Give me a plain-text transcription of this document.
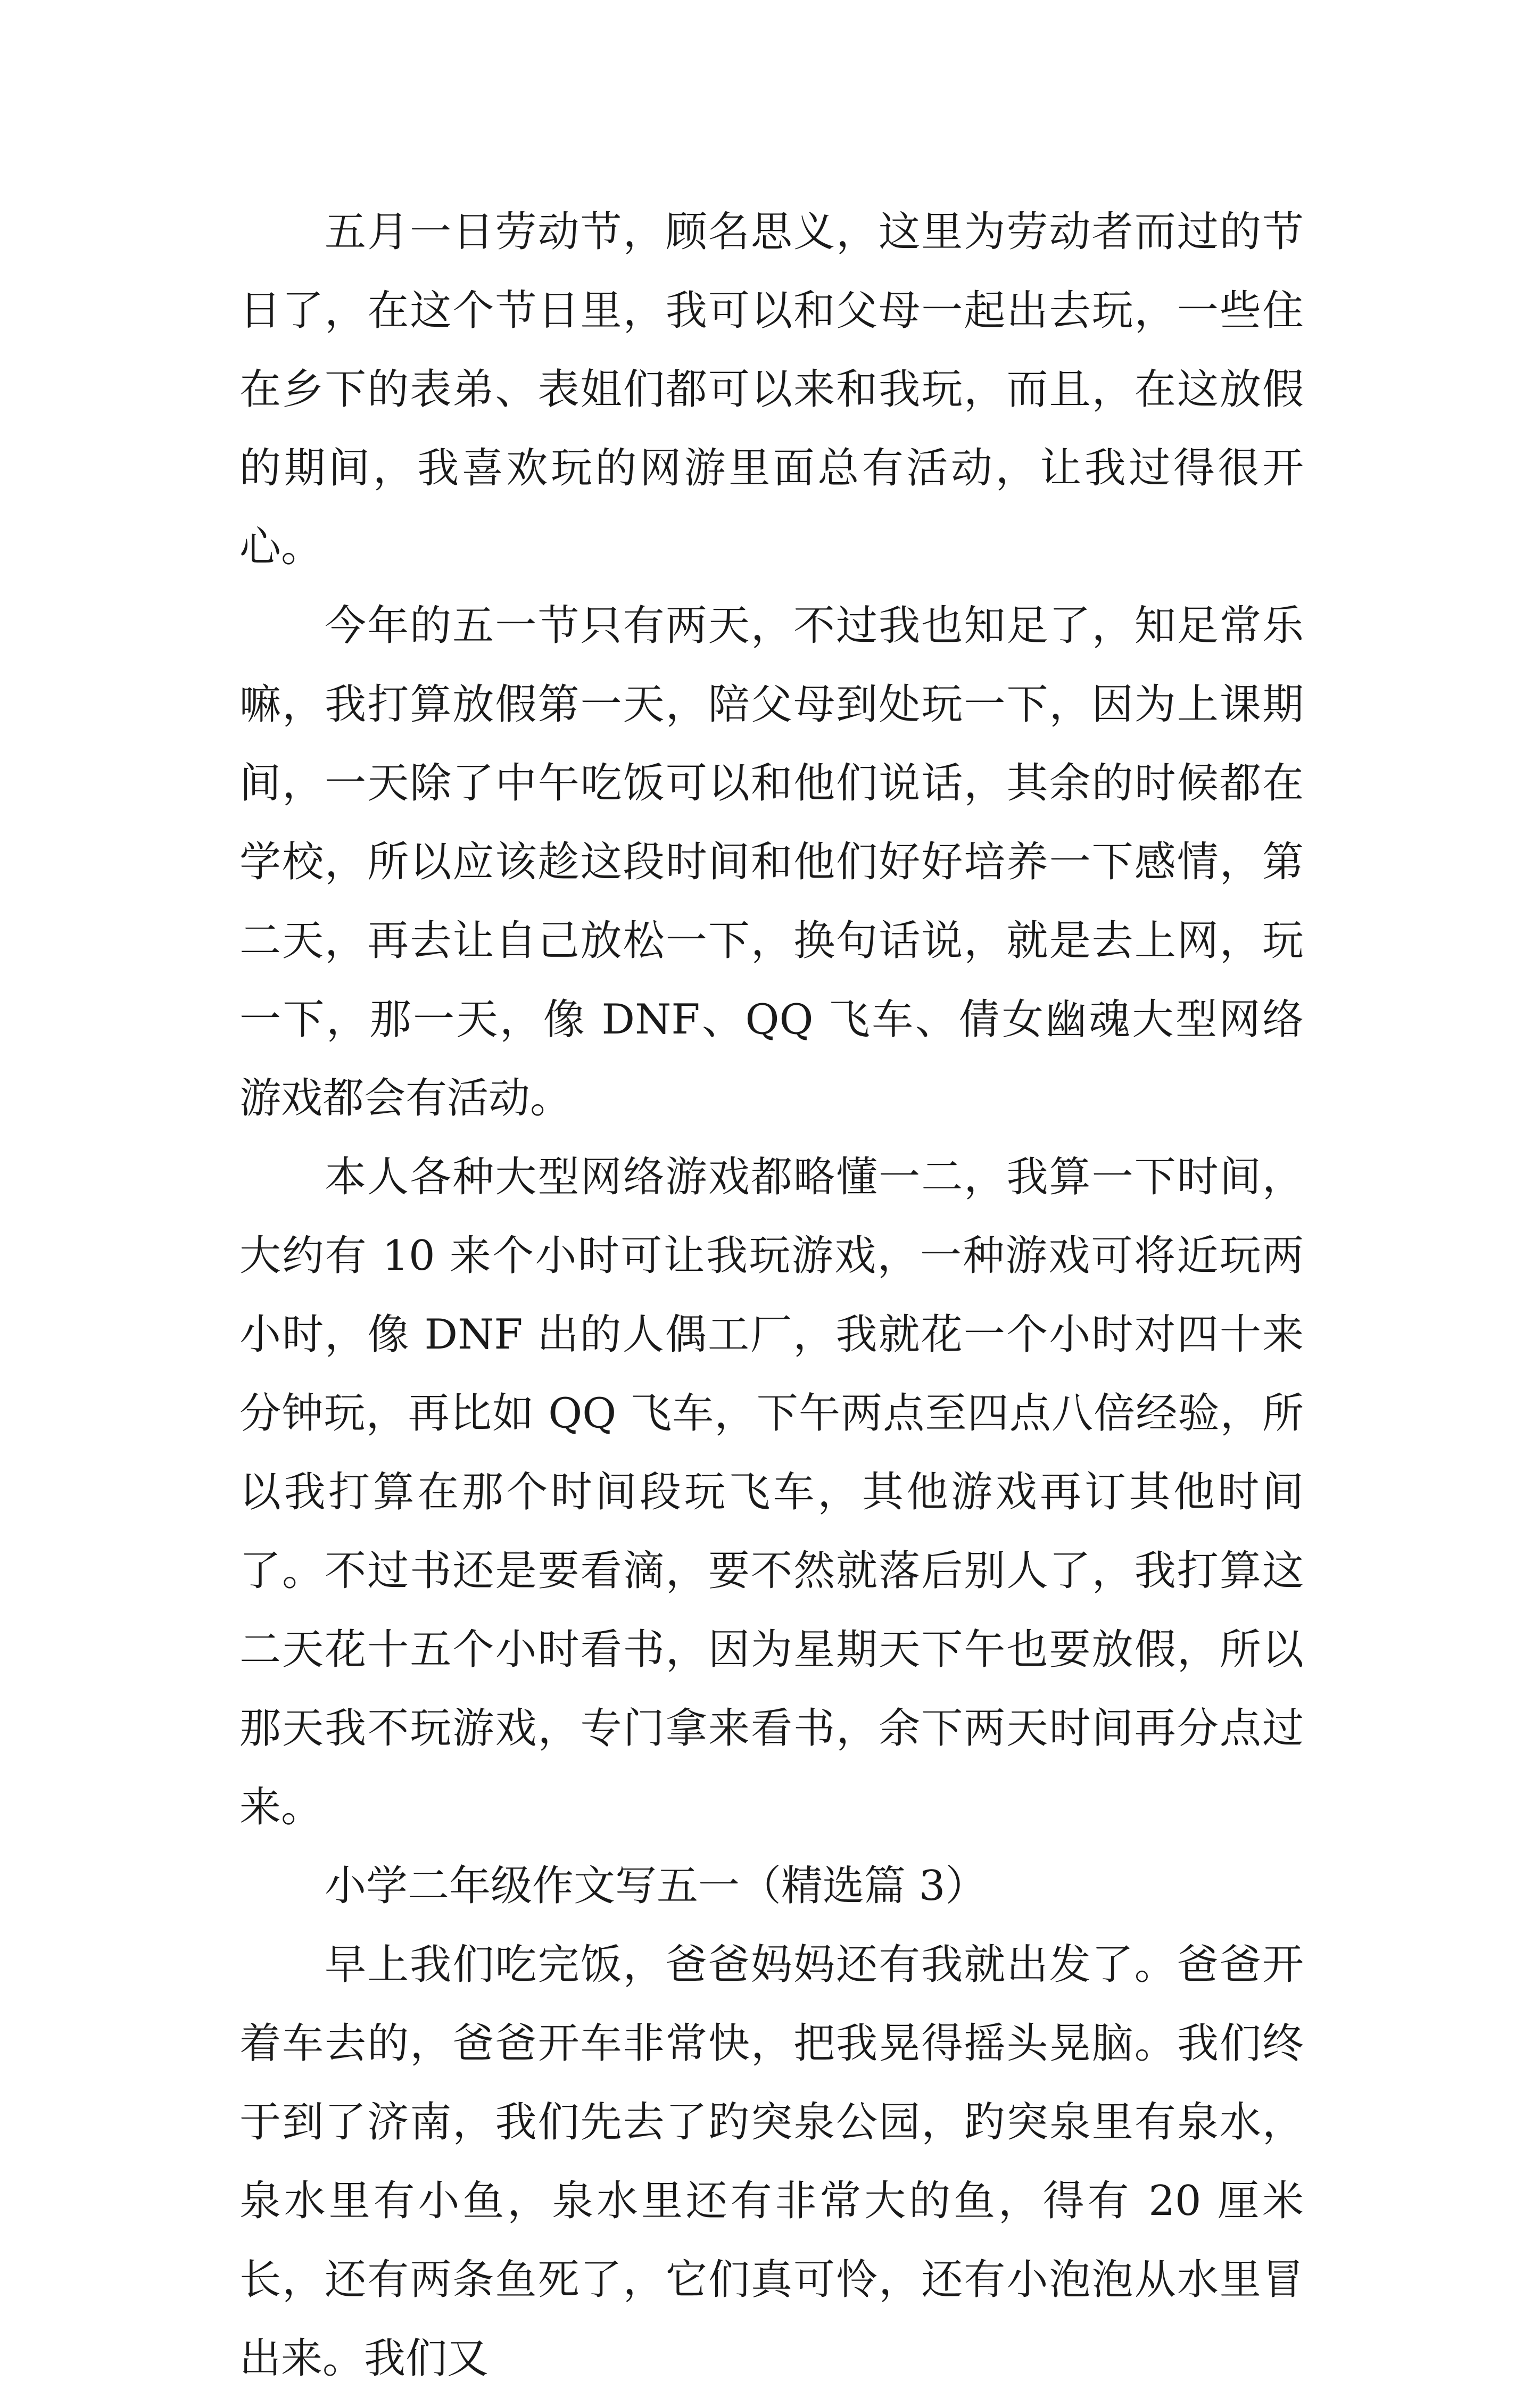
五月一日劳动节，顾名思义，这里为劳动者而过的节日了，在这个节日里，我可以和父母一起出去玩，一些住在乡下的表弟、表姐们都可以来和我玩，而且，在这放假的期间，我喜欢玩的网游里面总有活动，让我过得很开心。

今年的五一节只有两天，不过我也知足了，知足常乐嘛，我打算放假第一天，陪父母到处玩一下，因为上课期间，一天除了中午吃饭可以和他们说话，其余的时候都在学校，所以应该趁这段时间和他们好好培养一下感情，第二天，再去让自己放松一下，换句话说，就是去上网，玩一下，那一天，像 DNF、QQ 飞车、倩女幽魂大型网络游戏都会有活动。

本人各种大型网络游戏都略懂一二，我算一下时间，大约有 10 来个小时可让我玩游戏，一种游戏可将近玩两小时，像 DNF 出的人偶工厂，我就花一个小时对四十来分钟玩，再比如 QQ 飞车，下午两点至四点八倍经验，所以我打算在那个时间段玩飞车，其他游戏再订其他时间了。不过书还是要看滴，要不然就落后别人了，我打算这二天花十五个小时看书，因为星期天下午也要放假，所以那天我不玩游戏，专门拿来看书，余下两天时间再分点过来。

小学二年级作文写五一（精选篇 3）

早上我们吃完饭，爸爸妈妈还有我就出发了。爸爸开着车去的，爸爸开车非常快，把我晃得摇头晃脑。我们终于到了济南，我们先去了趵突泉公园，趵突泉里有泉水，泉水里有小鱼，泉水里还有非常大的鱼，得有 20 厘米长，还有两条鱼死了，它们真可怜，还有小泡泡从水里冒出来。我们又
